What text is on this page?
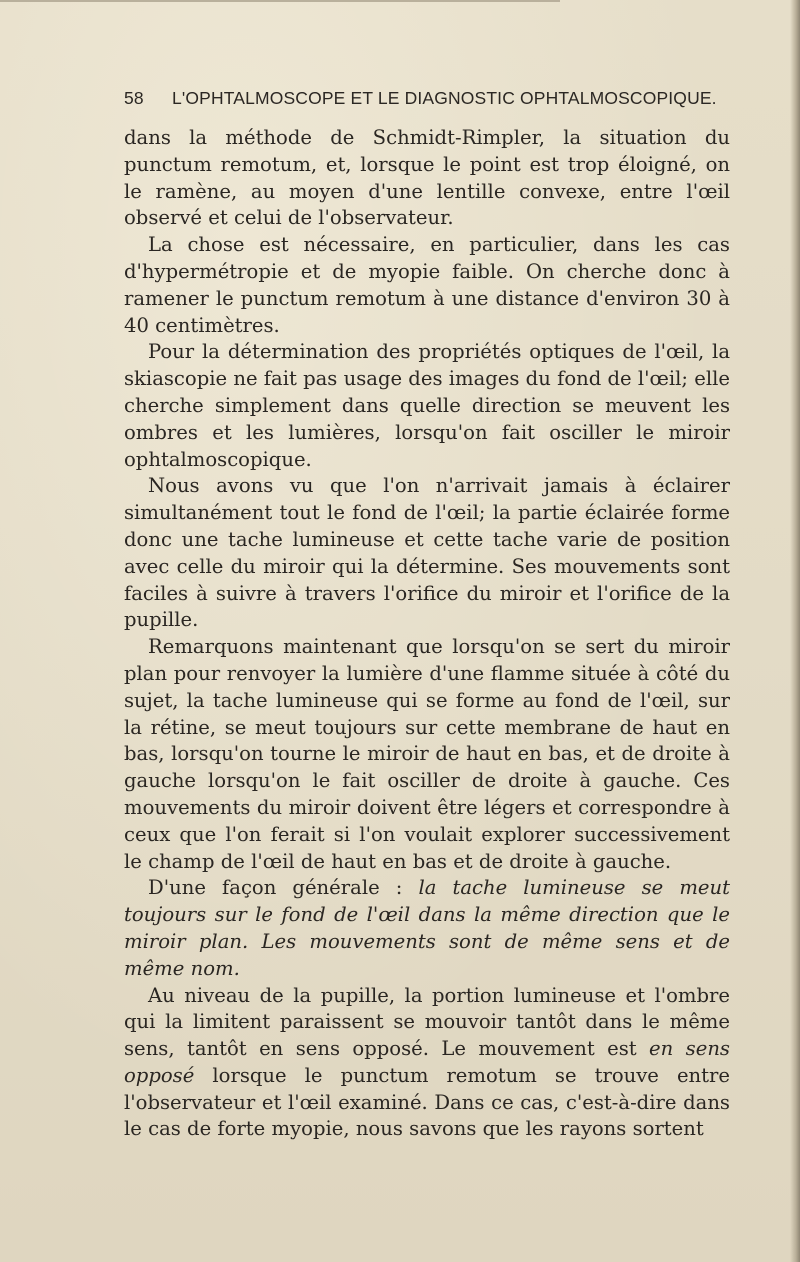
58 L'OPHTALMOSCOPE ET LE DIAGNOSTIC OPHTALMOSCOPIQUE.

dans la méthode de Schmidt-Rimpler, la situation du punctum remotum, et, lorsque le point est trop éloigné, on le ramène, au moyen d'une lentille convexe, entre l'œil observé et celui de l'observateur.

La chose est nécessaire, en particulier, dans les cas d'hypermétropie et de myopie faible. On cherche donc à ramener le punctum remotum à une distance d'environ 30 à 40 centimètres.

Pour la détermination des propriétés optiques de l'œil, la skiascopie ne fait pas usage des images du fond de l'œil; elle cherche simplement dans quelle direction se meuvent les ombres et les lumières, lorsqu'on fait osciller le miroir ophtalmoscopique.

Nous avons vu que l'on n'arrivait jamais à éclairer simultanément tout le fond de l'œil; la partie éclairée forme donc une tache lumineuse et cette tache varie de position avec celle du miroir qui la détermine. Ses mouvements sont faciles à suivre à travers l'orifice du miroir et l'orifice de la pupille.

Remarquons maintenant que lorsqu'on se sert du miroir plan pour renvoyer la lumière d'une flamme située à côté du sujet, la tache lumineuse qui se forme au fond de l'œil, sur la rétine, se meut toujours sur cette membrane de haut en bas, lorsqu'on tourne le miroir de haut en bas, et de droite à gauche lorsqu'on le fait osciller de droite à gauche. Ces mouvements du miroir doivent être légers et correspondre à ceux que l'on ferait si l'on voulait explorer successivement le champ de l'œil de haut en bas et de droite à gauche.

D'une façon générale : la tache lumineuse se meut toujours sur le fond de l'œil dans la même direction que le miroir plan. Les mouvements sont de même sens et de même nom.

Au niveau de la pupille, la portion lumineuse et l'ombre qui la limitent paraissent se mouvoir tantôt dans le même sens, tantôt en sens opposé. Le mouvement est en sens opposé lorsque le punctum remotum se trouve entre l'observateur et l'œil examiné. Dans ce cas, c'est-à-dire dans le cas de forte myopie, nous savons que les rayons sortent
